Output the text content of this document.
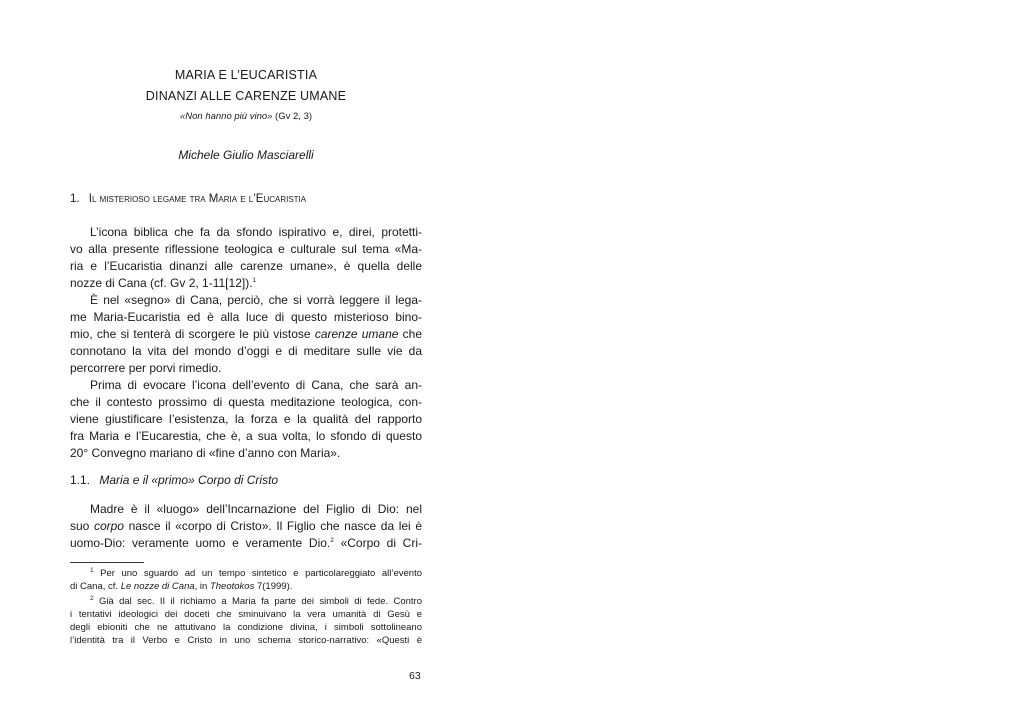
MARIA E L’EUCARISTIA
DINANZI ALLE CARENZE UMANE
«Non hanno più vino» (Gv 2, 3)
Michele Giulio Masciarelli
1. Il misterioso legame tra Maria e l’Eucaristia
L’icona biblica che fa da sfondo ispirativo e, direi, protetti-
vo alla presente riflessione teologica e culturale sul tema «Ma-
ria e l’Eucaristia dinanzi alle carenze umane», è quella delle
nozze di Cana (cf. Gv 2, 1-11[12]).$^1$
È nel «segno» di Cana, perciò, che si vorrà leggere il lega-
me Maria-Eucaristia ed è alla luce di questo misterioso bino-
mio, che si tenterà di scorgere le più vistose carenze umane che
connotano la vita del mondo d’oggi e di meditare sulle vie da
percorrere per porvi rimedio.
Prima di evocare l’icona dell’evento di Cana, che sarà an-
che il contesto prossimo di questa meditazione teologica, con-
viene giustificare l’esistenza, la forza e la qualità del rapporto
fra Maria e l’Eucarestia, che è, a sua volta, lo sfondo di questo
20° Convegno mariano di «fine d’anno con Maria».
1.1. Maria e il «primo» Corpo di Cristo
Madre è il «luogo» dell’Incarnazione del Figlio di Dio: nel
suo corpo nasce il «corpo di Cristo». Il Figlio che nasce da lei è
uomo-Dio: veramente uomo e veramente Dio.$^2$ «Corpo di Cri-
$^1$ Per uno sguardo ad un tempo sintetico e particolareggiato all’evento
di Cana, cf. Le nozze di Cana, in Theotokos 7(1999).
$^2$ Già dal sec. II il richiamo a Maria fa parte dei simboli di fede. Contro
i tentativi ideologici dei doceti che sminuivano la vera umanità di Gesù e
degli ebioniti che ne attutivano la condizione divina, i simboli sottolineano
l’identità tra il Verbo e Cristo in uno schema storico-narrativo: «Questi è
63
